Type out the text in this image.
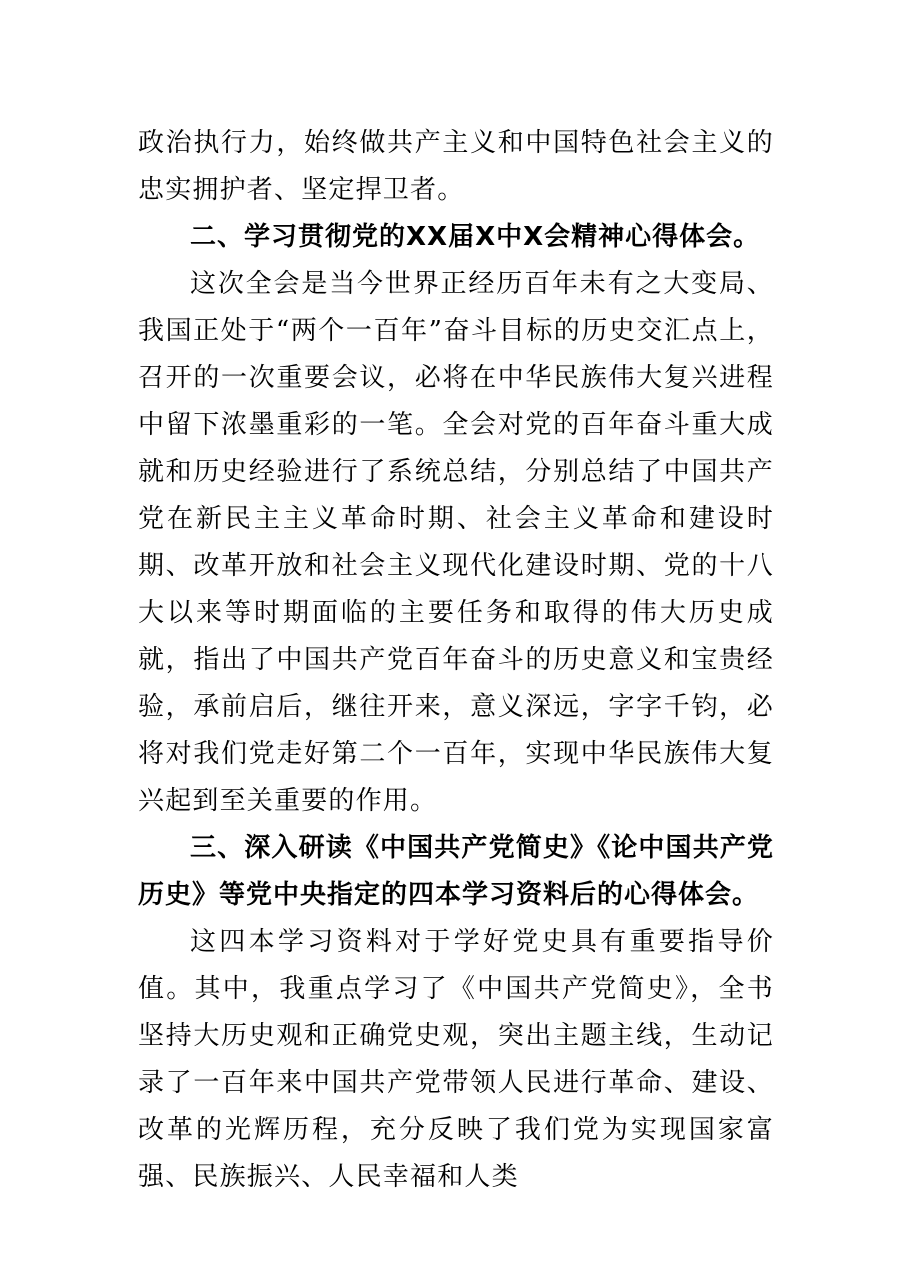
政治执行力，始终做共产主义和中国特色社会主义的忠实拥护者、坚定捍卫者。

二、学习贯彻党的XX届X中X会精神心得体会。

这次全会是当今世界正经历百年未有之大变局、我国正处于“两个一百年”奋斗目标的历史交汇点上，召开的一次重要会议，必将在中华民族伟大复兴进程中留下浓墨重彩的一笔。全会对党的百年奋斗重大成就和历史经验进行了系统总结，分别总结了中国共产党在新民主主义革命时期、社会主义革命和建设时期、改革开放和社会主义现代化建设时期、党的十八大以来等时期面临的主要任务和取得的伟大历史成就，指出了中国共产党百年奋斗的历史意义和宝贵经验，承前启后，继往开来，意义深远，字字千钧，必将对我们党走好第二个一百年，实现中华民族伟大复兴起到至关重要的作用。

三、深入研读《中国共产党简史》《论中国共产党历史》等党中央指定的四本学习资料后的心得体会。

这四本学习资料对于学好党史具有重要指导价值。其中，我重点学习了《中国共产党简史》，全书坚持大历史观和正确党史观，突出主题主线，生动记录了一百年来中国共产党带领人民进行革命、建设、改革的光辉历程，充分反映了我们党为实现国家富强、民族振兴、人民幸福和人类
